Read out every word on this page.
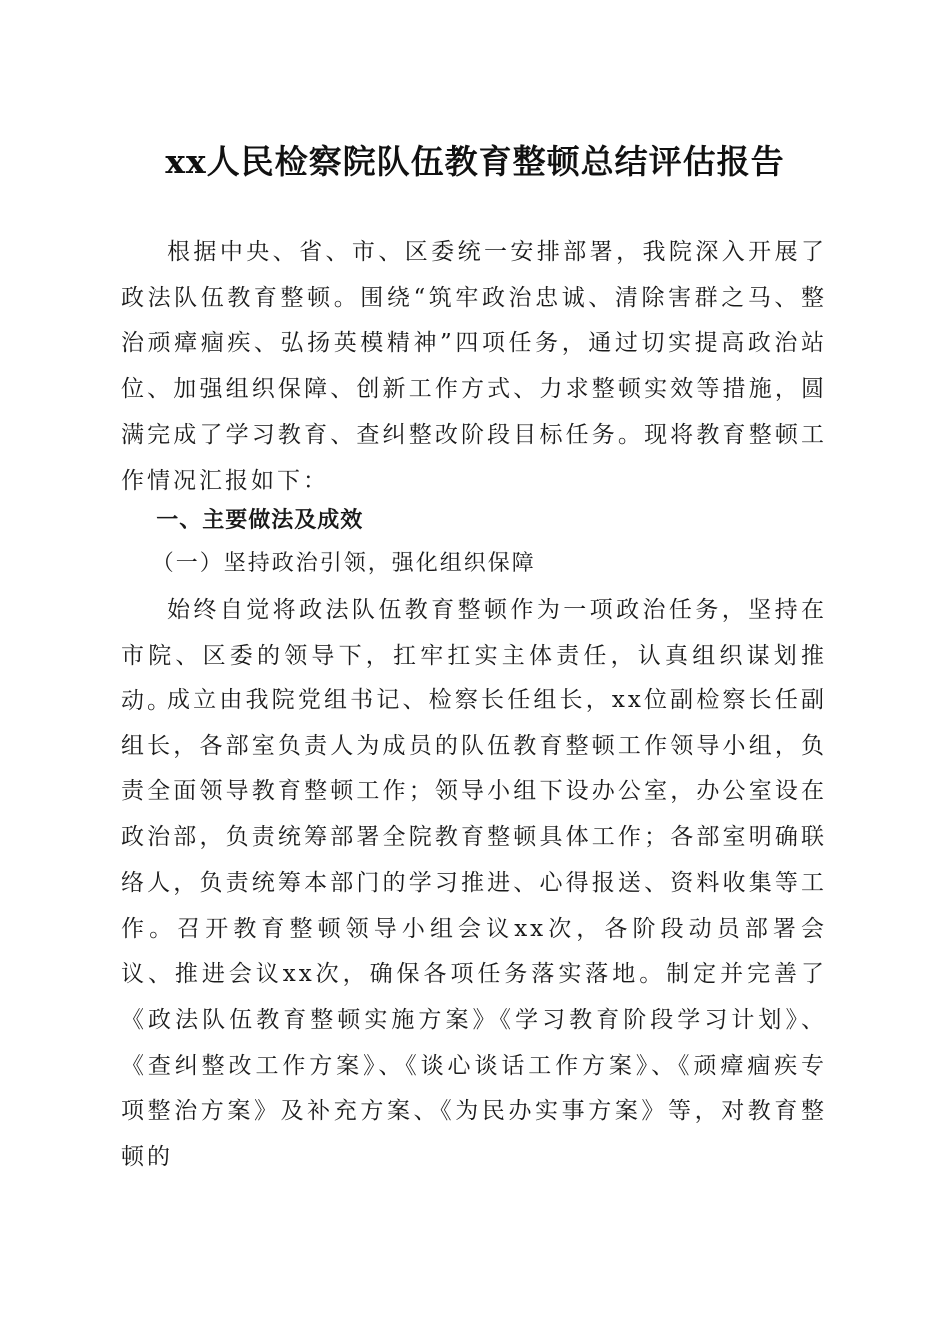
xx人民检察院队伍教育整顿总结评估报告

根据中央、省、市、区委统一安排部署，我院深入开展了政法队伍教育整顿。围绕“筑牢政治忠诚、清除害群之马、整治顽瘴痼疾、弘扬英模精神”四项任务，通过切实提高政治站位、加强组织保障、创新工作方式、力求整顿实效等措施，圆满完成了学习教育、查纠整改阶段目标任务。现将教育整顿工作情况汇报如下：

一、主要做法及成效

（一）坚持政治引领，强化组织保障

始终自觉将政法队伍教育整顿作为一项政治任务，坚持在市院、区委的领导下，扛牢扛实主体责任，认真组织谋划推动。

成立由我院党组书记、检察长任组长，xx位副检察长任副组长，各部室负责人为成员的队伍教育整顿工作领导小组，负责全面领导教育整顿工作；领导小组下设办公室，办公室设在政治部，负责统筹部署全院教育整顿具体工作；各部室明确联络人，负责统筹本部门的学习推进、心得报送、资料收集等工作。召开教育整顿领导小组会议xx次，各阶段动员部署会议、推进会议xx次，确保各项任务落实落地。制定并完善了《政法队伍教育整顿实施方案》《学习教育阶段学习计划》、《查纠整改工作方案》、《谈心谈话工作方案》、《顽瘴痼疾专项整治方案》及补充方案、《为民办实事方案》等，对教育整顿的
